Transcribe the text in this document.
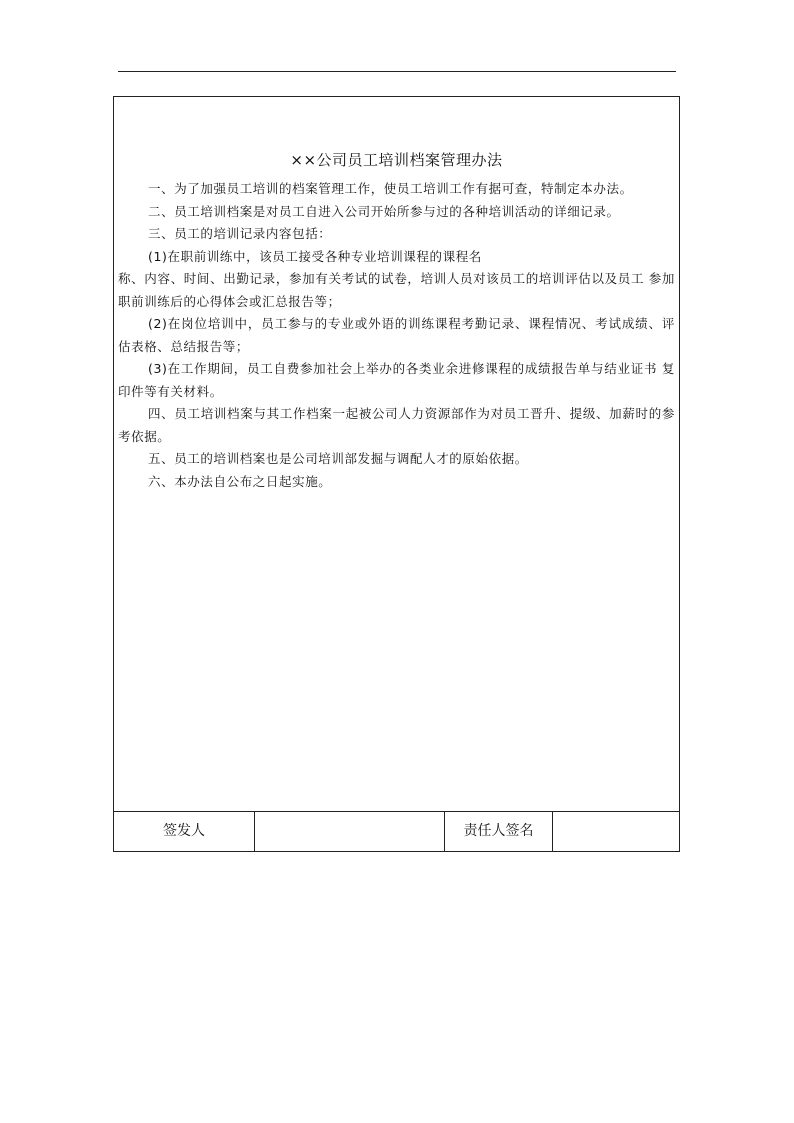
××公司员工培训档案管理办法

一、为了加强员工培训的档案管理工作，使员工培训工作有据可查，特制定本办法。

二、员工培训档案是对员工自进入公司开始所参与过的各种培训活动的详细记录。

三、员工的培训记录内容包括：

(1)在职前训练中，该员工接受各种专业培训课程的课程名

称、内容、时间、出勤记录，参加有关考试的试卷，培训人员对该员工的培训评估以及员工 参加职前训练后的心得体会或汇总报告等；

(2)在岗位培训中，员工参与的专业或外语的训练课程考勤记录、课程情况、考试成绩、评 估表格、总结报告等；

(3)在工作期间，员工自费参加社会上举办的各类业余进修课程的成绩报告单与结业证书 复印件等有关材料。

四、员工培训档案与其工作档案一起被公司人力资源部作为对员工晋升、提级、加薪时的参 考依据。

五、员工的培训档案也是公司培训部发掘与调配人才的原始依据。

六、本办法自公布之日起实施。

签发人	责任人签名
